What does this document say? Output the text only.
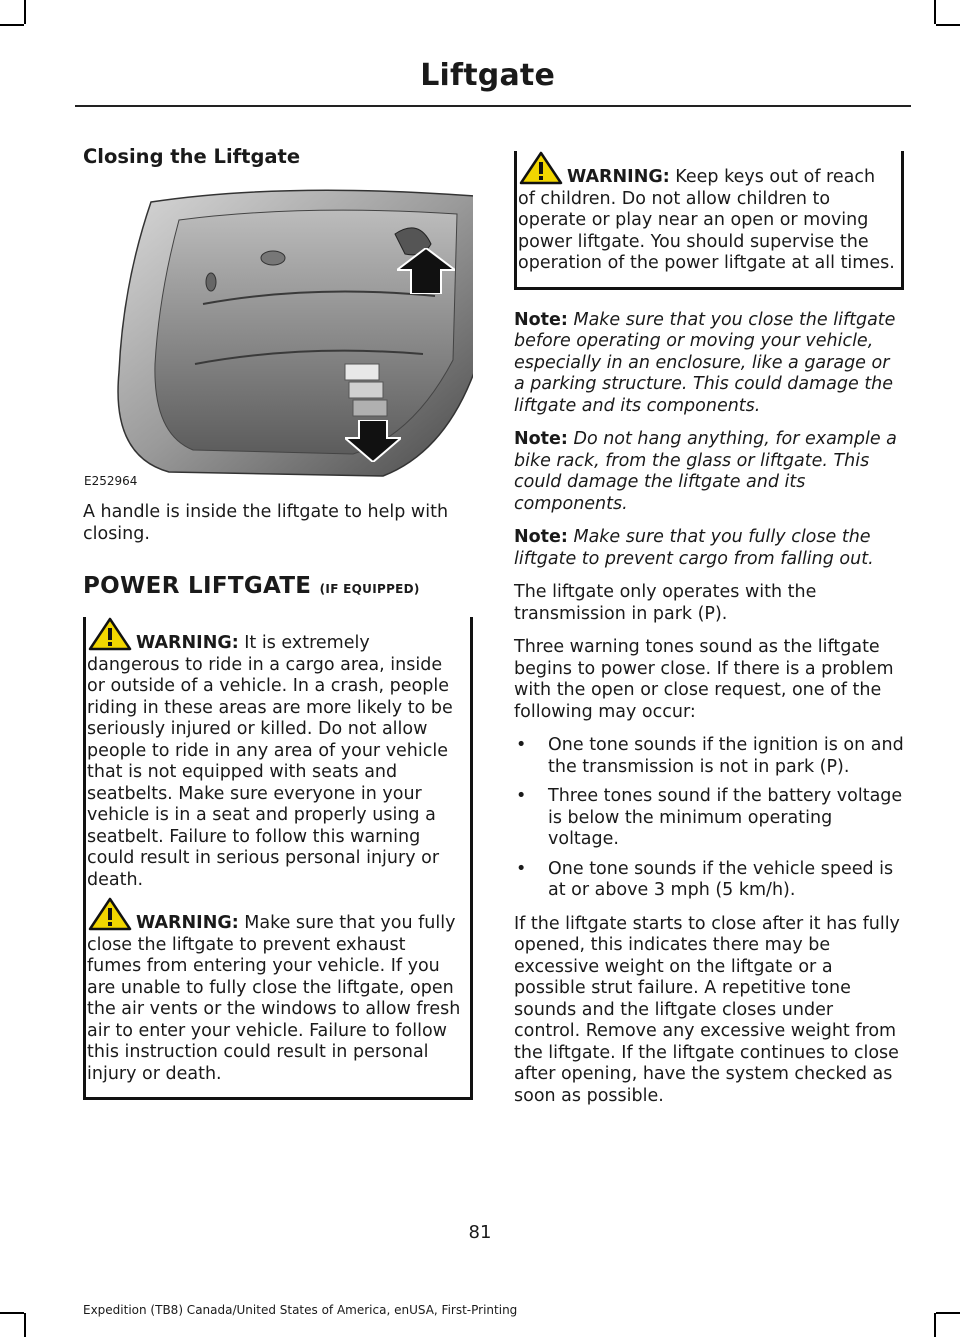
Liftgate
Closing the Liftgate
E252964

A handle is inside the liftgate to help with closing.

POWER LIFTGATE (IF EQUIPPED)

WARNING: It is extremely dangerous to ride in a cargo area, inside or outside of a vehicle. In a crash, people riding in these areas are more likely to be seriously injured or killed. Do not allow people to ride in any area of your vehicle that is not equipped with seats and seatbelts. Make sure everyone in your vehicle is in a seat and properly using a seatbelt. Failure to follow this warning could result in serious personal injury or death.

WARNING: Make sure that you fully close the liftgate to prevent exhaust fumes from entering your vehicle. If you are unable to fully close the liftgate, open the air vents or the windows to allow fresh air to enter your vehicle. Failure to follow this instruction could result in personal injury or death.

WARNING: Keep keys out of reach of children. Do not allow children to operate or play near an open or moving power liftgate. You should supervise the operation of the power liftgate at all times.

Note: Make sure that you close the liftgate before operating or moving your vehicle, especially in an enclosure, like a garage or a parking structure. This could damage the liftgate and its components.

Note: Do not hang anything, for example a bike rack, from the glass or liftgate. This could damage the liftgate and its components.

Note: Make sure that you fully close the liftgate to prevent cargo from falling out.

The liftgate only operates with the transmission in park (P).

Three warning tones sound as the liftgate begins to power close. If there is a problem with the open or close request, one of the following may occur:

• One tone sounds if the ignition is on and the transmission is not in park (P).
• Three tones sound if the battery voltage is below the minimum operating voltage.
• One tone sounds if the vehicle speed is at or above 3 mph (5 km/h).

If the liftgate starts to close after it has fully opened, this indicates there may be excessive weight on the liftgate or a possible strut failure. A repetitive tone sounds and the liftgate closes under control. Remove any excessive weight from the liftgate. If the liftgate continues to close after opening, have the system checked as soon as possible.

81

Expedition (TB8) Canada/United States of America, enUSA, First-Printing
